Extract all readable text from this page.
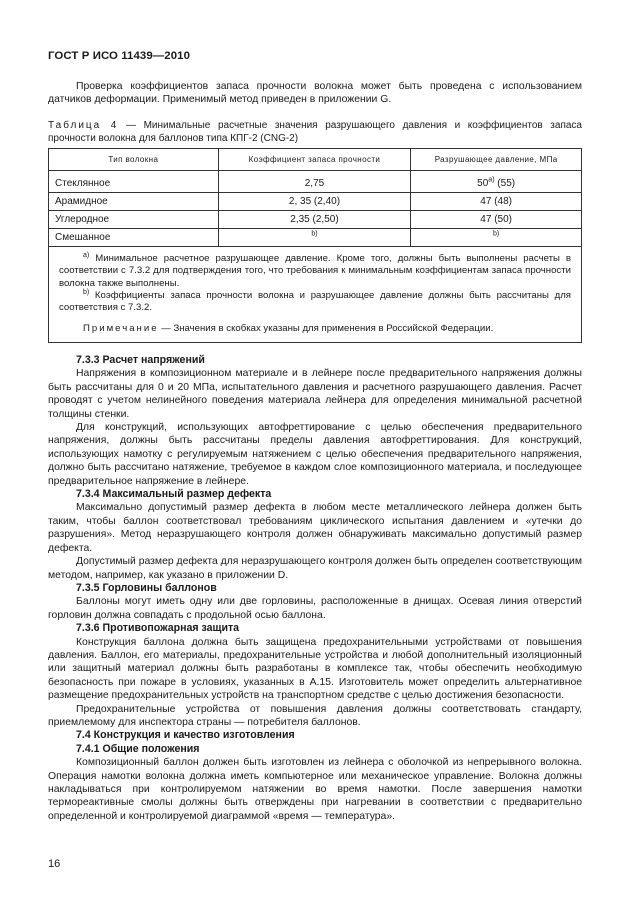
ГОСТ Р ИСО 11439—2010

Проверка коэффициентов запаса прочности волокна может быть проведена с использованием датчиков деформации. Применимый метод приведен в приложении G.

Таблица 4 — Минимальные расчетные значения разрушающего давления и коэффициентов запаса прочности волокна для баллонов типа КПГ-2 (CNG-2)

Тип волокна	Коэффициент запаса прочности	Разрушающее давление, МПа
Стеклянное	2,75	50$^{a)}$ (55)
Арамидное	2, 35 (2,40)	47 (48)
Углеродное	2,35 (2,50)	47 (50)
Смешанное	$^{b)}$	$^{b)}$

$^{a)}$ Минимальное расчетное разрушающее давление. Кроме того, должны быть выполнены расчеты в соответствии с 7.3.2 для подтверждения того, что требования к минимальным коэффициентам запаса прочности волокна также выполнены.

$^{b)}$ Коэффициенты запаса прочности волокна и разрушающее давление должны быть рассчитаны для соответствия с 7.3.2.

Примечание — Значения в скобках указаны для применения в Российской Федерации.		

7.3.3 Расчет напряжений

Напряжения в композиционном материале и в лейнере после предварительного напряжения должны быть рассчитаны для 0 и 20 МПа, испытательного давления и расчетного разрушающего давления. Расчет проводят с учетом нелинейного поведения материала лейнера для определения минимальной расчетной толщины стенки.

Для конструкций, использующих автофреттирование с целью обеспечения предварительного напряжения, должны быть рассчитаны пределы давления автофреттирования. Для конструкций, использующих намотку с регулируемым натяжением с целью обеспечения предварительного напряжения, должно быть рассчитано натяжение, требуемое в каждом слое композиционного материала, и последующее предварительное напряжение в лейнере.

7.3.4 Максимальный размер дефекта

Максимально допустимый размер дефекта в любом месте металлического лейнера должен быть таким, чтобы баллон соответствовал требованиям циклического испытания давлением и «утечки до разрушения». Метод неразрушающего контроля должен обнаруживать максимально допустимый размер дефекта.

Допустимый размер дефекта для неразрушающего контроля должен быть определен соответствующим методом, например, как указано в приложении D.

7.3.5 Горловины баллонов

Баллоны могут иметь одну или две горловины, расположенные в днищах. Осевая линия отверстий горловин должна совпадать с продольной осью баллона.

7.3.6 Противопожарная защита

Конструкция баллона должна быть защищена предохранительными устройствами от повышения давления. Баллон, его материалы, предохранительные устройства и любой дополнительный изоляционный или защитный материал должны быть разработаны в комплексе так, чтобы обеспечить необходимую безопасность при пожаре в условиях, указанных в А.15. Изготовитель может определить альтернативное размещение предохранительных устройств на транспортном средстве с целью достижения безопасности.

Предохранительные устройства от повышения давления должны соответствовать стандарту, приемлемому для инспектора страны — потребителя баллонов.

7.4 Конструкция и качество изготовления
7.4.1 Общие положения

Композиционный баллон должен быть изготовлен из лейнера с оболочкой из непрерывного волокна. Операция намотки волокна должна иметь компьютерное или механическое управление. Волокна должны накладываться при контролируемом натяжении во время намотки. После завершения намотки термореактивные смолы должны быть отверждены при нагревании в соответствии с предварительно определенной и контролируемой диаграммой «время — температура».

16
